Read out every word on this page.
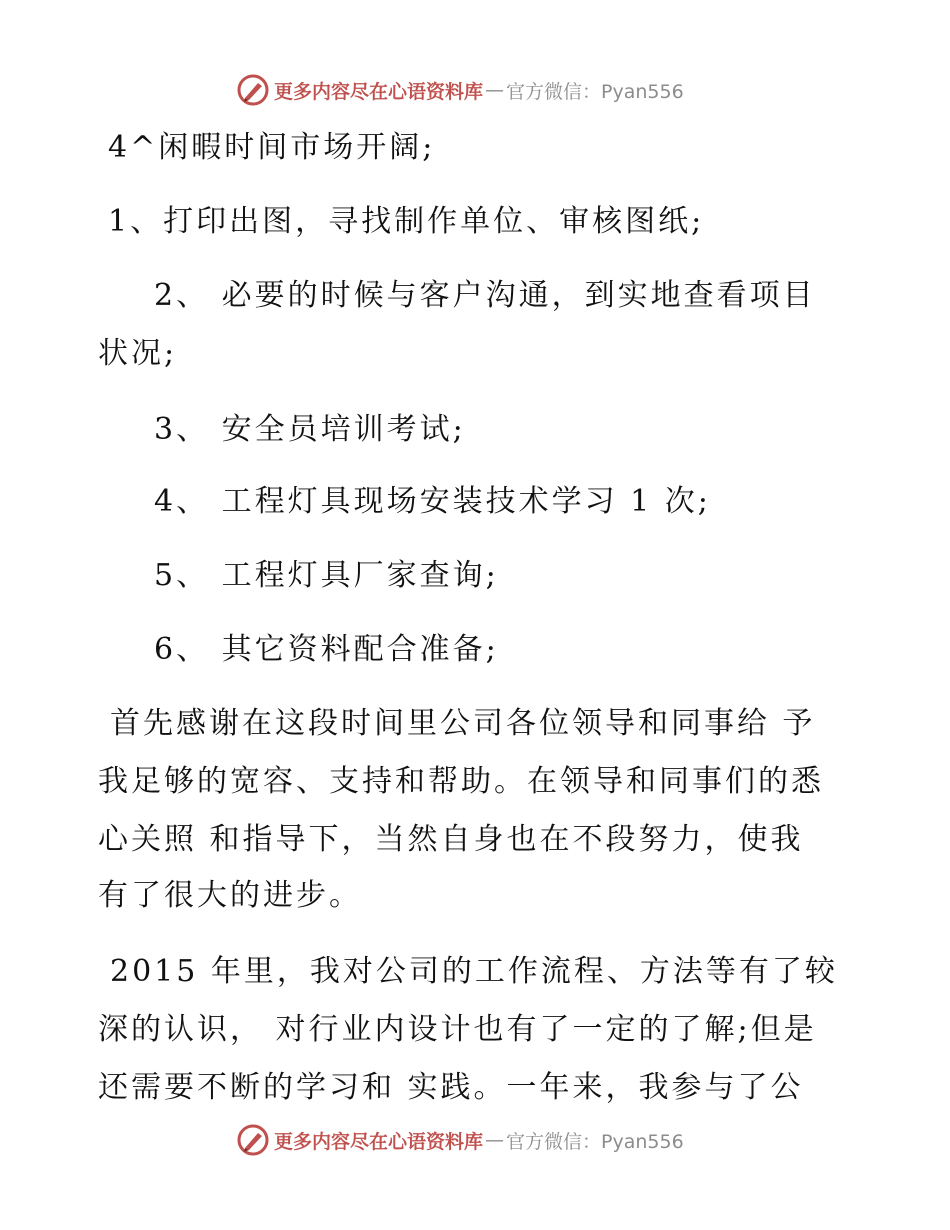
更多内容尽在心语资料库 — 官方微信：Pyan556
4^闲暇时间市场开阔;
1、打印出图，寻找制作单位、审核图纸;
2、 必要的时候与客户沟通，到实地查看项目
状况;
3、 安全员培训考试;
4、 工程灯具现场安装技术学习 1 次;
5、 工程灯具厂家查询;
6、 其它资料配合准备;
首先感谢在这段时间里公司各位领导和同事给 予
我足够的宽容、支持和帮助。在领导和同事们的悉
心关照 和指导下，当然自身也在不段努力，使我
有了很大的进步。
2015 年里，我对公司的工作流程、方法等有了较
深的认识， 对行业内设计也有了一定的了解;但是
还需要不断的学习和 实践。一年来，我参与了公
更多内容尽在心语资料库 — 官方微信：Pyan556
